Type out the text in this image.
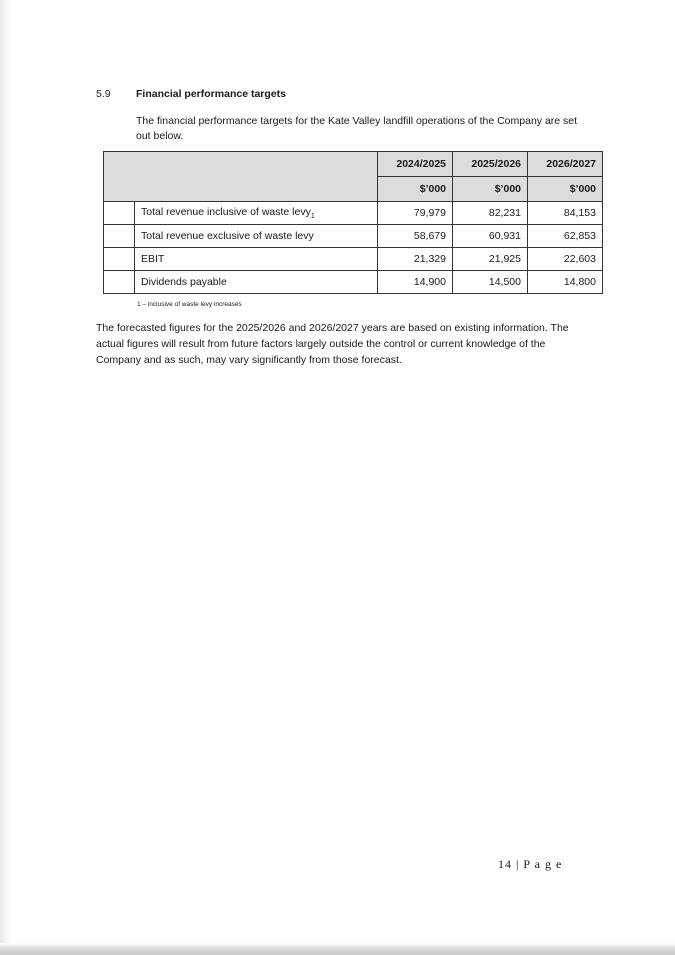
5.9 Financial performance targets
The financial performance targets for the Kate Valley landfill operations of the Company are set out below.
		2024/2025	2025/2026	2026/2027
		$’000	$’000	$’000
	Total revenue inclusive of waste levy$_1$	79,979	82,231	84,153
	Total revenue exclusive of waste levy	58,679	60,931	62,853
	EBIT	21,329	21,925	22,603
	Dividends payable	14,900	14,500	14,800
1 – inclusive of waste levy increases
The forecasted figures for the 2025/2026 and 2026/2027 years are based on existing information. The actual figures will result from future factors largely outside the control or current knowledge of the Company and as such, may vary significantly from those forecast.
14 | P a g e
